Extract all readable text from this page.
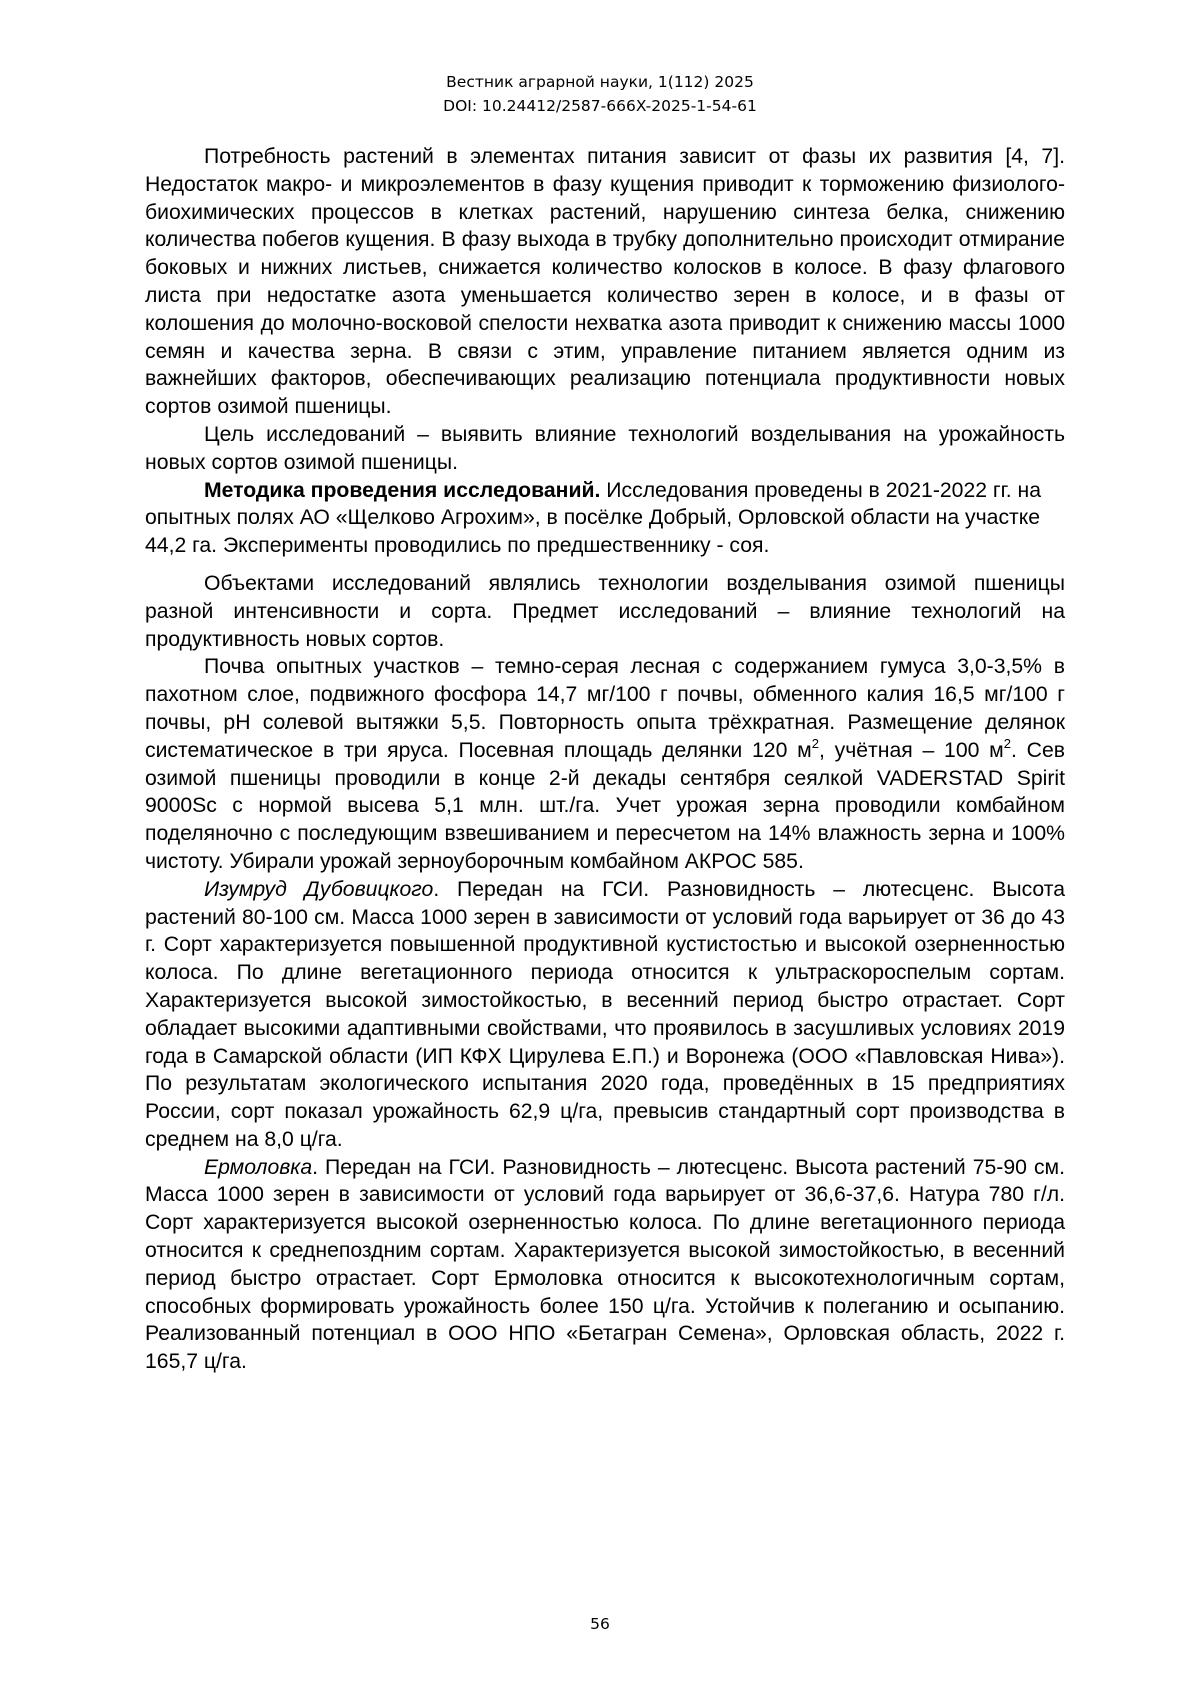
Вестник аграрной науки, 1(112) 2025
DOI: 10.24412/2587-666X-2025-1-54-61

Потребность растений в элементах питания зависит от фазы их развития [4, 7]. Недостаток макро- и микроэлементов в фазу кущения приводит к торможению физиолого-биохимических процессов в клетках растений, нарушению синтеза белка, снижению количества побегов кущения. В фазу выхода в трубку дополнительно происходит отмирание боковых и нижних листьев, снижается количество колосков в колосе. В фазу флагового листа при недостатке азота уменьшается количество зерен в колосе, и в фазы от колошения до молочно-восковой спелости нехватка азота приводит к снижению массы 1000 семян и качества зерна. В связи с этим, управление питанием является одним из важнейших факторов, обеспечивающих реализацию потенциала продуктивности новых сортов озимой пшеницы.

Цель исследований – выявить влияние технологий возделывания на урожайность новых сортов озимой пшеницы.

Методика проведения исследований. Исследования проведены в 2021-2022 гг. на опытных полях АО «Щелково Агрохим», в посёлке Добрый, Орловской области на участке 44,2 га. Эксперименты проводились по предшественнику - соя.

Объектами исследований являлись технологии возделывания озимой пшеницы разной интенсивности и сорта. Предмет исследований – влияние технологий на продуктивность новых сортов.

Почва опытных участков – темно-серая лесная с содержанием гумуса 3,0-3,5% в пахотном слое, подвижного фосфора 14,7 мг/100 г почвы, обменного калия 16,5 мг/100 г почвы, рН солевой вытяжки 5,5. Повторность опыта трёхкратная. Размещение делянок систематическое в три яруса. Посевная площадь делянки 120 $м^2$, учётная – 100 $м^2$. Сев озимой пшеницы проводили в конце 2-й декады сентября сеялкой VADERSTAD Spirit 9000Sc с нормой высева 5,1 млн. шт./га. Учет урожая зерна проводили комбайном поделяночно с последующим взвешиванием и пересчетом на 14% влажность зерна и 100% чистоту. Убирали урожай зерноуборочным комбайном АКРОС 585.

Изумруд Дубовицкого. Передан на ГСИ. Разновидность – лютесценс. Высота растений 80-100 см. Масса 1000 зерен в зависимости от условий года варьирует от 36 до 43 г. Сорт характеризуется повышенной продуктивной кустистостью и высокой озерненностью колоса. По длине вегетационного периода относится к ультраскороспелым сортам. Характеризуется высокой зимостойкостью, в весенний период быстро отрастает. Сорт обладает высокими адаптивными свойствами, что проявилось в засушливых условиях 2019 года в Самарской области (ИП КФХ Цирулева Е.П.) и Воронежа (ООО «Павловская Нива»). По результатам экологического испытания 2020 года, проведённых в 15 предприятиях России, сорт показал урожайность 62,9 ц/га, превысив стандартный сорт производства в среднем на 8,0 ц/га.

Ермоловка. Передан на ГСИ. Разновидность – лютесценс. Высота растений 75-90 см. Масса 1000 зерен в зависимости от условий года варьирует от 36,6-37,6. Натура 780 г/л. Сорт характеризуется высокой озерненностью колоса. По длине вегетационного периода относится к среднепоздним сортам. Характеризуется высокой зимостойкостью, в весенний период быстро отрастает. Сорт Ермоловка относится к высокотехнологичным сортам, способных формировать урожайность более 150 ц/га. Устойчив к полеганию и осыпанию. Реализованный потенциал в ООО НПО «Бетагран Семена», Орловская область, 2022 г. 165,7 ц/га.

56
